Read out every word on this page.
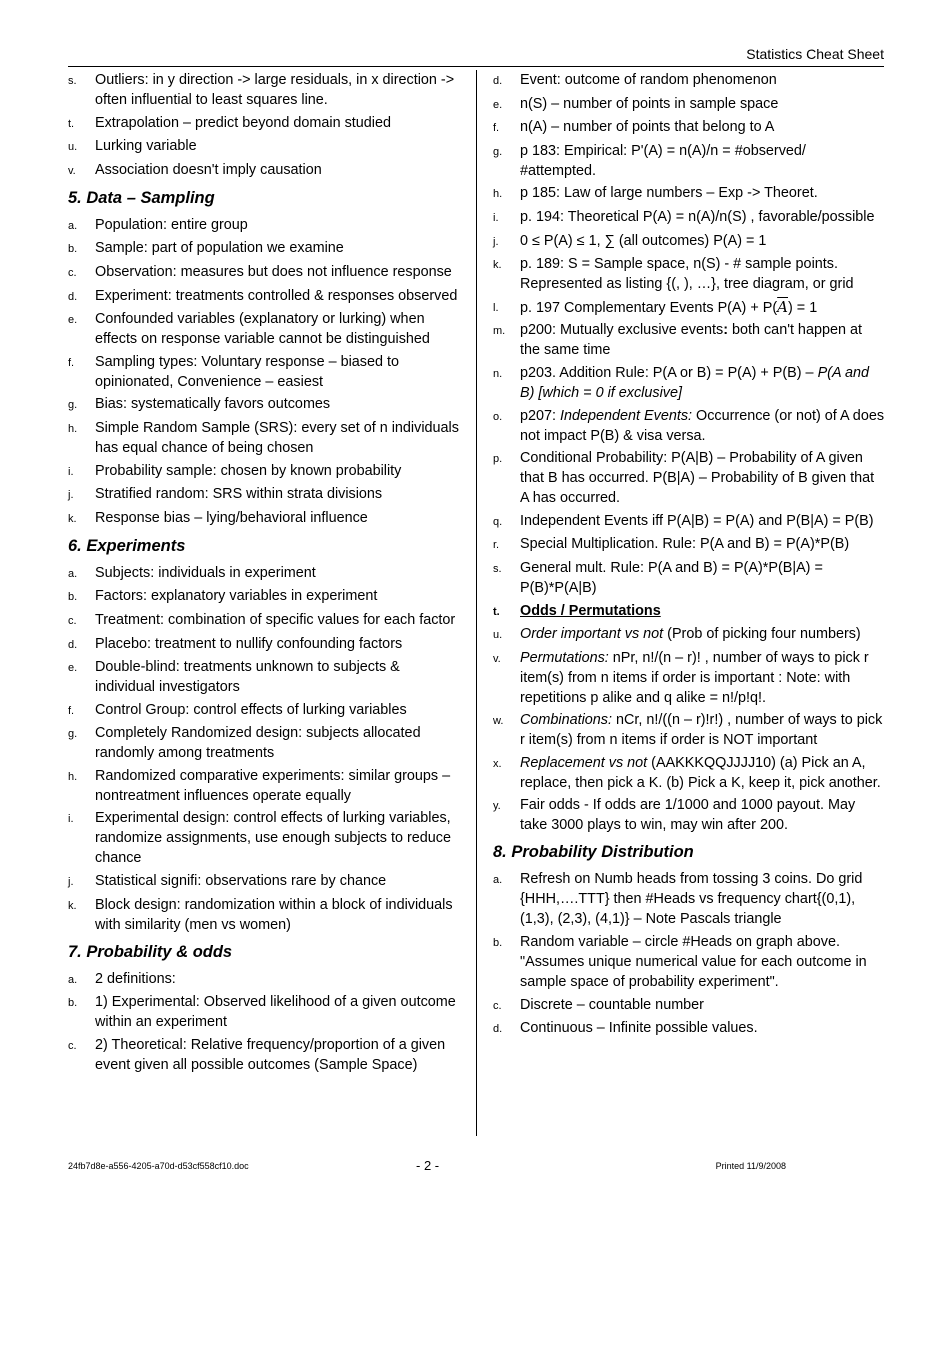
Statistics Cheat Sheet
s.	Outliers: in y direction -> large residuals, in x direction -> often influential to least squares line.
t.	Extrapolation – predict beyond domain studied
u.	Lurking variable
v.	Association doesn't imply causation
5. Data – Sampling
a.	Population: entire group
b.	Sample: part of population we examine
c.	Observation: measures but does not influence response
d.	Experiment: treatments controlled & responses observed
e.	Confounded variables (explanatory or lurking) when effects on response variable cannot be distinguished
f.	Sampling types: Voluntary response – biased to opinionated, Convenience – easiest
g.	Bias: systematically favors outcomes
h.	Simple Random Sample (SRS): every set of n individuals has equal chance of being chosen
i.	Probability sample: chosen by known probability
j.	Stratified random: SRS within strata divisions
k.	Response bias – lying/behavioral influence
6. Experiments
a.	Subjects: individuals in experiment
b.	Factors: explanatory variables in experiment
c.	Treatment: combination of specific values for each factor
d.	Placebo: treatment to nullify confounding factors
e.	Double-blind: treatments unknown to subjects & individual investigators
f.	Control Group: control effects of lurking variables
g.	Completely Randomized design: subjects allocated randomly among treatments
h.	Randomized comparative experiments: similar groups – nontreatment influences operate equally
i.	Experimental design: control effects of lurking variables, randomize assignments, use enough subjects to reduce chance
j.	Statistical signifi: observations rare by chance
k.	Block design: randomization within a block of individuals with similarity (men vs women)
7. Probability & odds
a.	2 definitions:
b.	1) Experimental: Observed likelihood of a given outcome within an experiment
c.	2) Theoretical: Relative frequency/proportion of a given event given all possible outcomes (Sample Space)
d.	Event: outcome of random phenomenon
e.	n(S) – number of points in sample space
f.	n(A) – number of points that belong to A
g.	p 183: Empirical: P'(A) = n(A)/n = #observed/ #attempted.
h.	p 185: Law of large numbers – Exp -> Theoret.
i.	p. 194: Theoretical P(A) = n(A)/n(S) , favorable/possible
j.	0 ≤ P(A) ≤ 1, ∑ (all outcomes) P(A) = 1
k.	p. 189: S = Sample space, n(S) - # sample points. Represented as listing {(, ), …}, tree diagram, or grid
l.	p. 197 Complementary Events $P(A) + P(\overline{A}) = 1$
m.	p200: Mutually exclusive events: both can't happen at the same time
n.	p203. Addition Rule: P(A or B) = P(A) + P(B) – P(A and B) [which = 0 if exclusive]
o.	p207: Independent Events: Occurrence (or not) of A does not impact P(B) & visa versa.
p.	Conditional Probability: P(A|B) – Probability of A given that B has occurred. P(B|A) – Probability of B given that A has occurred.
q.	Independent Events iff P(A|B) = P(A) and P(B|A) = P(B)
r.	Special Multiplication. Rule: P(A and B) = P(A)*P(B)
s.	General mult. Rule: P(A and B) = P(A)*P(B|A) = P(B)*P(A|B)
t.	Odds / Permutations
u.	Order important vs not (Prob of picking four numbers)
v.	Permutations: nPr, n!/(n – r)! , number of ways to pick r item(s) from n items if order is important : Note: with repetitions p alike and q alike = n!/p!q!.
w.	Combinations: nCr, n!/((n – r)!r!) , number of ways to pick r item(s) from n items if order is NOT important
x.	Replacement vs not (AAKKKQQJJJJ10) (a) Pick an A, replace, then pick a K. (b) Pick a K, keep it, pick another.
y.	Fair odds - If odds are 1/1000 and 1000 payout. May take 3000 plays to win, may win after 200.
8. Probability Distribution
a.	Refresh on Numb heads from tossing 3 coins. Do grid {HHH,….TTT} then #Heads vs frequency chart{(0,1), (1,3), (2,3), (4,1)} – Note Pascals triangle
b.	Random variable – circle #Heads on graph above. "Assumes unique numerical value for each outcome in sample space of probability experiment".
c.	Discrete – countable number
d.	Continuous – Infinite possible values.
24fb7d8e-a556-4205-a70d-d53cf558cf10.doc	- 2 -	Printed 11/9/2008
